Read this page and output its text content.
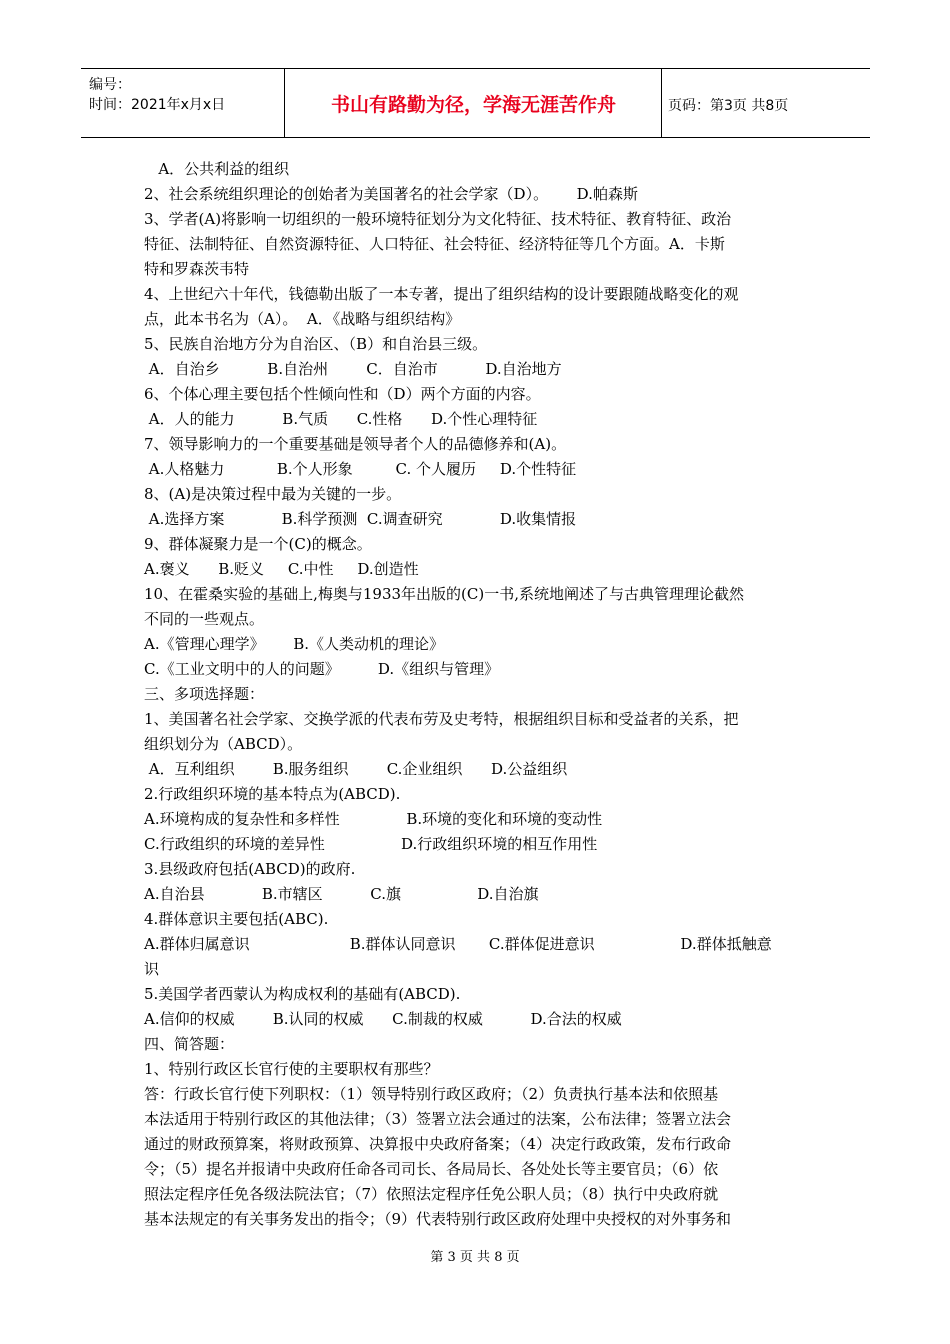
编号：
时间：2021年x月x日	书山有路勤为径，学海无涯苦作舟	页码：第3页 共8页

A．公共利益的组织

2、社会系统组织理论的创始者为美国著名的社会学家（D）。      D.帕森斯

3、学者(A)将影响一切组织的一般环境特征划分为文化特征、技术特征、教育特征、政治

特征、法制特征、自然资源特征、人口特征、社会特征、经济特征等几个方面。A．卡斯

特和罗森茨韦特

4、上世纪六十年代，钱德勒出版了一本专著，提出了组织结构的设计要跟随战略变化的观

点，此本书名为（A）。  A．《战略与组织结构》

5、民族自治地方分为自治区、（B）和自治县三级。

A．自治乡          B.自治州        C．自治市          D.自治地方

6、个体心理主要包括个性倾向性和（D）两个方面的内容。

A．人的能力          B.气质      C.性格      D.个性心理特征

7、领导影响力的一个重要基础是领导者个人的品德修养和(A)。

A.人格魅力           B.个人形象         C. 个人履历     D.个性特征

8、(A)是决策过程中最为关键的一步。

A.选择方案            B.科学预测  C.调查研究            D.收集情报

9、群体凝聚力是一个(C)的概念。

A.褒义      B.贬义     C.中性     D.创造性

10、在霍桑实验的基础上,梅奥与1933年出版的(C)一书,系统地阐述了与古典管理理论截然

不同的一些观点。

A.《管理心理学》      B.《人类动机的理论》

C.《工业文明中的人的问题》        D.《组织与管理》

三、多项选择题：

1、美国著名社会学家、交换学派的代表布劳及史考特，根据组织目标和受益者的关系，把

组织划分为（ABCD）。

A．互利组织        B.服务组织        C.企业组织      D.公益组织

2.行政组织环境的基本特点为(ABCD).

A.环境构成的复杂性和多样性              B.环境的变化和环境的变动性

C.行政组织的环境的差异性                D.行政组织环境的相互作用性

3.县级政府包括(ABCD)的政府.

A.自治县            B.市辖区          C.旗                D.自治旗

4.群体意识主要包括(ABC).

A.群体归属意识                     B.群体认同意识       C.群体促进意识                  D.群体抵触意

识

5.美国学者西蒙认为构成权利的基础有(ABCD).

A.信仰的权威        B.认同的权威      C.制裁的权威          D.合法的权威

四、简答题：

1、特别行政区长官行使的主要职权有那些？

答：行政长官行使下列职权：（1）领导特别行政区政府；（2）负责执行基本法和依照基

本法适用于特别行政区的其他法律；（3）签署立法会通过的法案，公布法律；签署立法会

通过的财政预算案，将财政预算、决算报中央政府备案；（4）决定行政政策，发布行政命

令；（5）提名并报请中央政府任命各司司长、各局局长、各处处长等主要官员；（6）依

照法定程序任免各级法院法官；（7）依照法定程序任免公职人员；（8）执行中央政府就

基本法规定的有关事务发出的指令；（9）代表特别行政区政府处理中央授权的对外事务和

第 3 页 共 8 页
